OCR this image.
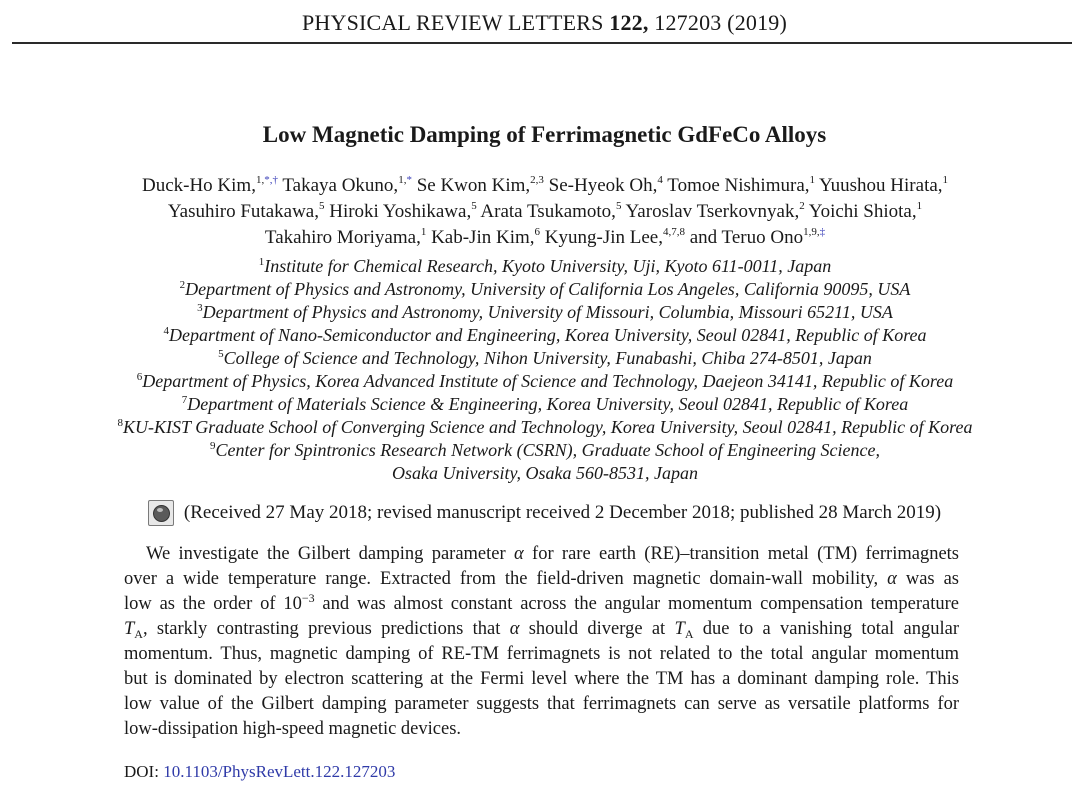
PHYSICAL REVIEW LETTERS 122, 127203 (2019)
Low Magnetic Damping of Ferrimagnetic GdFeCo Alloys
Duck-Ho Kim,$^{1,*,\dagger}$ Takaya Okuno,$^{1,*}$ Se Kwon Kim,$^{2,3}$ Se-Hyeok Oh,$^4$ Tomoe Nishimura,$^1$ Yuushou Hirata,$^1$
Yasuhiro Futakawa,$^5$ Hiroki Yoshikawa,$^5$ Arata Tsukamoto,$^5$ Yaroslav Tserkovnyak,$^2$ Yoichi Shiota,$^1$
Takahiro Moriyama,$^1$ Kab-Jin Kim,$^6$ Kyung-Jin Lee,$^{4,7,8}$ and Teruo Ono$^{1,9,\ddagger}$
$^1$Institute for Chemical Research, Kyoto University, Uji, Kyoto 611-0011, Japan
$^2$Department of Physics and Astronomy, University of California Los Angeles, California 90095, USA
$^3$Department of Physics and Astronomy, University of Missouri, Columbia, Missouri 65211, USA
$^4$Department of Nano-Semiconductor and Engineering, Korea University, Seoul 02841, Republic of Korea
$^5$College of Science and Technology, Nihon University, Funabashi, Chiba 274-8501, Japan
$^6$Department of Physics, Korea Advanced Institute of Science and Technology, Daejeon 34141, Republic of Korea
$^7$Department of Materials Science & Engineering, Korea University, Seoul 02841, Republic of Korea
$^8$KU-KIST Graduate School of Converging Science and Technology, Korea University, Seoul 02841, Republic of Korea
$^9$Center for Spintronics Research Network (CSRN), Graduate School of Engineering Science,
Osaka University, Osaka 560-8531, Japan
(Received 27 May 2018; revised manuscript received 2 December 2018; published 28 March 2019)

We investigate the Gilbert damping parameter α for rare earth (RE)–transition metal (TM) ferrimagnets

over a wide temperature range. Extracted from the field-driven magnetic domain-wall mobility, α was as
low as the order of $10^{-3}$ and was almost constant across the angular momentum compensation temperature
$T_A$, starkly contrasting previous predictions that α should diverge at $T_A$ due to a vanishing total angular
momentum. Thus, magnetic damping of RE-TM ferrimagnets is not related to the total angular momentum
but is dominated by electron scattering at the Fermi level where the TM has a dominant damping role. This
low value of the Gilbert damping parameter suggests that ferrimagnets can serve as versatile platforms for
low-dissipation high-speed magnetic devices.
DOI: 10.1103/PhysRevLett.122.127203
